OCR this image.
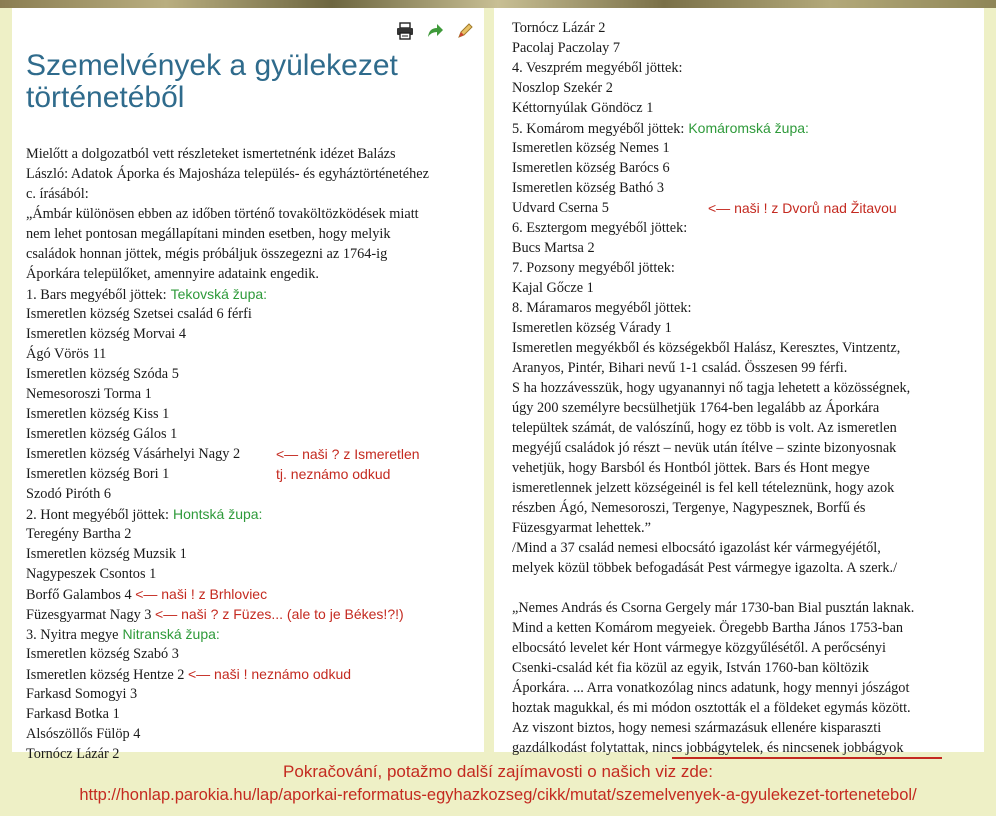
Szemelvények a gyülekezet történetéből
Mielőtt a dolgozatból vett részleteket ismertetnénk idézet Balázs
László: Adatok Áporka és Majosháza település- és egyháztörténetéhez
c. írásából:
„Ámbár különösen ebben az időben történő tovaköltözködések miatt
nem lehet pontosan megállapítani minden esetben, hogy melyik
családok honnan jöttek, mégis próbáljuk összegezni az 1764-ig
Áporkára települőket, amennyire adataink engedik.
1. Bars megyéből jöttek: Tekovská župa:
Ismeretlen község Szetsei család 6 férfi
Ismeretlen község Morvai 4
Ágó Vörös 11
Ismeretlen község Szóda 5
Nemesoroszi Torma 1
Ismeretlen község Kiss 1
Ismeretlen község Gálos 1
Ismeretlen község Vásárhelyi Nagy 2	<— naši ? z Ismeretlen
Ismeretlen község Bori 1	tj. neznámo odkud
Szodó Piróth 6
2. Hont megyéből jöttek: Hontská župa:
Teregény Bartha 2
Ismeretlen község Muzsik 1
Nagypeszek Csontos 1
Borfő Galambos 4 <— naši ! z Brhloviec
Füzesgyarmat Nagy 3 <— naši ? z Füzes... (ale to je Békes!?!)
3. Nyitra megye Nitranská župa:
Ismeretlen község Szabó 3
Ismeretlen község Hentze 2 <— naši ! neznámo odkud
Farkasd Somogyi 3
Farkasd Botka 1
Alsószöllős Fülöp 4
Tornócz Lázár 2
Tornócz Lázár 2
Pacolaj Paczolay 7
4. Veszprém megyéből jöttek:
Noszlop Szekér 2
Kéttornyúlak Göndöcz 1
5. Komárom megyéből jöttek: Komáromská župa:
Ismeretlen község Nemes 1
Ismeretlen község Barócs 6
Ismeretlen község Bathó 3
Udvard Cserna 5	<— naši ! z Dvorů nad Žitavou
6. Esztergom megyéből jöttek:
Bucs Martsa 2
7. Pozsony megyéből jöttek:
Kajal Gőcze 1
8. Máramaros megyéből jöttek:
Ismeretlen község Várady 1
Ismeretlen megyékből és községekből Halász, Keresztes, Vintzentz,
Aranyos, Pintér, Bihari nevű 1-1 család. Összesen 99 férfi.
S ha hozzávesszük, hogy ugyanannyi nő tagja lehetett a közösségnek,
úgy 200 személyre becsülhetjük 1764-ben legalább az Áporkára
települtek számát, de valószínű, hogy ez több is volt. Az ismeretlen
megyéjű családok jó részt – nevük után ítélve – szinte bizonyosnak
vehetjük, hogy Barsból és Hontból jöttek. Bars és Hont megye
ismeretlennek jelzett községeinél is fel kell tételeznünk, hogy azok
részben Ágó, Nemesoroszi, Tergenye, Nagypesznek, Borfű és
Füzesgyarmat lehettek.”
/Mind a 37 család nemesi elbocsátó igazolást kér vármegyéjétől,
melyek közül többek befogadását Pest vármegye igazolta. A szerk./
„Nemes András és Csorna Gergely már 1730-ban Bial pusztán laknak.
Mind a ketten Komárom megyeiek. Öregebb Bartha János 1753-ban
elbocsátó levelet kér Hont vármegye közgyűlésétől. A perőcsényi
Csenki-család két fia közül az egyik, István 1760-ban költözik
Áporkára. ... Arra vonatkozólag nincs adatunk, hogy mennyi jószágot
hoztak magukkal, és mi módon osztották el a földeket egymás között.
Az viszont biztos, hogy nemesi származásuk ellenére kisparaszti
gazdálkodást folytattak, nincs jobbágytelek, és nincsenek jobbágyok
Pokračování, potažmo další zajímavosti o našich viz zde:
http://honlap.parokia.hu/lap/aporkai-reformatus-egyhazkozseg/cikk/mutat/szemelvenyek-a-gyulekezet-tortenetebol/
